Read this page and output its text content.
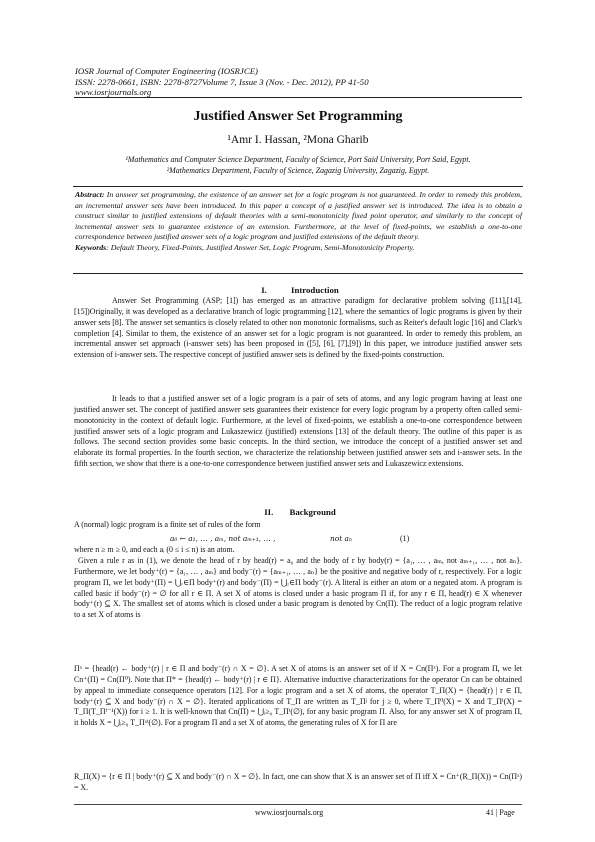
IOSR Journal of Computer Engineering (IOSRJCE)
ISSN: 2278-0661, ISBN: 2278-8727Volume 7, Issue 3 (Nov. - Dec. 2012), PP 41-50
www.iosrjournals.org
Justified Answer Set Programming
¹Amr I. Hassan, ²Mona Gharib
¹Mathematics and Computer Science Department, Faculty of Science, Port Said University, Port Said, Egypt.
²Mathematics Department, Faculty of Science, Zagazig University, Zagazig, Egypt.
Abstract: In answer set programming, the existence of an answer set for a logic program is not guaranteed. In order to remedy this problem, an incremental answer sets have been introduced. In this paper a concept of a justified answer set is introduced. The idea is to obtain a construct similar to justified extensions of default theories with a semi-monotonicity fixed point operator, and similarly to the concept of incremental answer sets to guarantee existence of an extension. Furthermore, at the level of fixed-points, we establish a one-to-one correspondence between justified answer sets of a logic program and justified extensions of the default theory.
Keywords: Default Theory, Fixed-Points, Justified Answer Set, Logic Program, Semi-Monotonicity Property.
I.	Introduction
Answer Set Programming (ASP; [1]) has emerged as an attractive paradigm for declarative problem solving ([11],[14],[15])Originally, it was developed as a declarative branch of logic programming [12], where the semantics of logic programs is given by their answer sets [8]. The answer set semantics is closely related to other non monotonic formalisms, such as Reiter's default logic [16] and Clark's completion [4]. Similar to them, the existence of an answer set for a logic program is not guaranteed. In order to remedy this problem, an incremental answer set approach (i-answer sets) has been proposed in ([5], [6], [7],[9]) In this paper, we introduce justified answer sets extension of i-answer sets. The respective concept of justified answer sets is defined by the fixed-points construction.
It leads to that a justified answer set of a logic program is a pair of sets of atoms, and any logic program having at least one justified answer set. The concept of justified answer sets guarantees their existence for every logic program by a property often called semi-monotonicity in the context of default logic. Furthermore, at the level of fixed-points, we establish a one-to-one correspondence between justified answer sets of a logic program and Lukaszewicz (justified) extensions [13] of the default theory. The outline of this paper is as follows. The second section provides some basic concepts. In the third section, we introduce the concept of a justified answer set and elaborate its formal properties. In the fourth section, we characterize the relationship between justified answer sets and i-answer sets. In the fifth section, we show that there is a one-to-one correspondence between justified answer sets and Lukaszewicz extensions.
II. Background
A (normal) logic program is a finite set of rules of the form
a₀ ← a₁, … , aₘ, not aₘ₊₁, … ,	not aₙ	(1)
where n ≥ m ≥ 0, and each aᵢ (0 ≤ i ≤ n) is an atom.
Given a rule r as in (1), we denote the head of r by head(r) = a₀ and the body of r by body(r) = {a₁, … , aₘ, not aₘ₊₁, … , not aₙ}. Furthermore, we let body⁺(r) = {a₁, … , aₘ} and body⁻(r) = {aₘ₊₁, … , aₙ} be the positive and negative body of r, respectively. For a logic program Π, we let body⁺(Π) = ⋃ᵣ∈Π body⁺(r) and body⁻(Π) = ⋃ᵣ∈Π body⁻(r). A literal is either an atom or a negated atom. A program is called basic if body⁻(r) = ∅ for all r ∈ Π. A set X of atoms is closed under a basic program Π if, for any r ∈ Π, head(r) ∈ X whenever body⁺(r) ⊆ X. The smallest set of atoms which is closed under a basic program is denoted by Cn(Π). The reduct of a logic program relative to a set X of atoms is
Πˣ = {head(r) ← body⁺(r) | r ∈ Π and body⁻(r) ∩ X = ∅}. A set X of atoms is an answer set of if X = Cn(Πˣ). For a program Π, we let Cn⁺(Π) = Cn(Π⁰). Note that Π* = {head(r) ← body⁺(r) | r ∈ Π}. Alternative inductive characterizations for the operator Cn can be obtained by appeal to immediate consequence operators [12]. For a logic program and a set X of atoms, the operator T_Π(X) = {head(r) | r ∈ Π, body⁺(r) ⊆ X and body⁻(r) ∩ X = ∅}. Iterated applications of T_Π are written as T_Πʲ for j ≥ 0, where T_Π⁰(X) = X and T_Πⁱ(X) = T_Π(T_Πⁱ⁻¹(X)) for i ≥ 1. It is well-known that Cn(Π) = ⋃ᵢ≥₀ T_Πⁱ(∅), for any basic program Π. Also, for any answer set X of program Π, it holds X = ⋃ᵢ≥₀ T_Πˣⁱ(∅). For a program Π and a set X of atoms, the generating rules of X for Π are
R_Π(X) = {r ∈ Π | body⁺(r) ⊆ X and body⁻(r) ∩ X = ∅}. In fact, one can show that X is an answer set of Π iff X = Cn⁺(R_Π(X)) = Cn(Πˣ) = X.
www.iosrjournals.org	41 | Page
